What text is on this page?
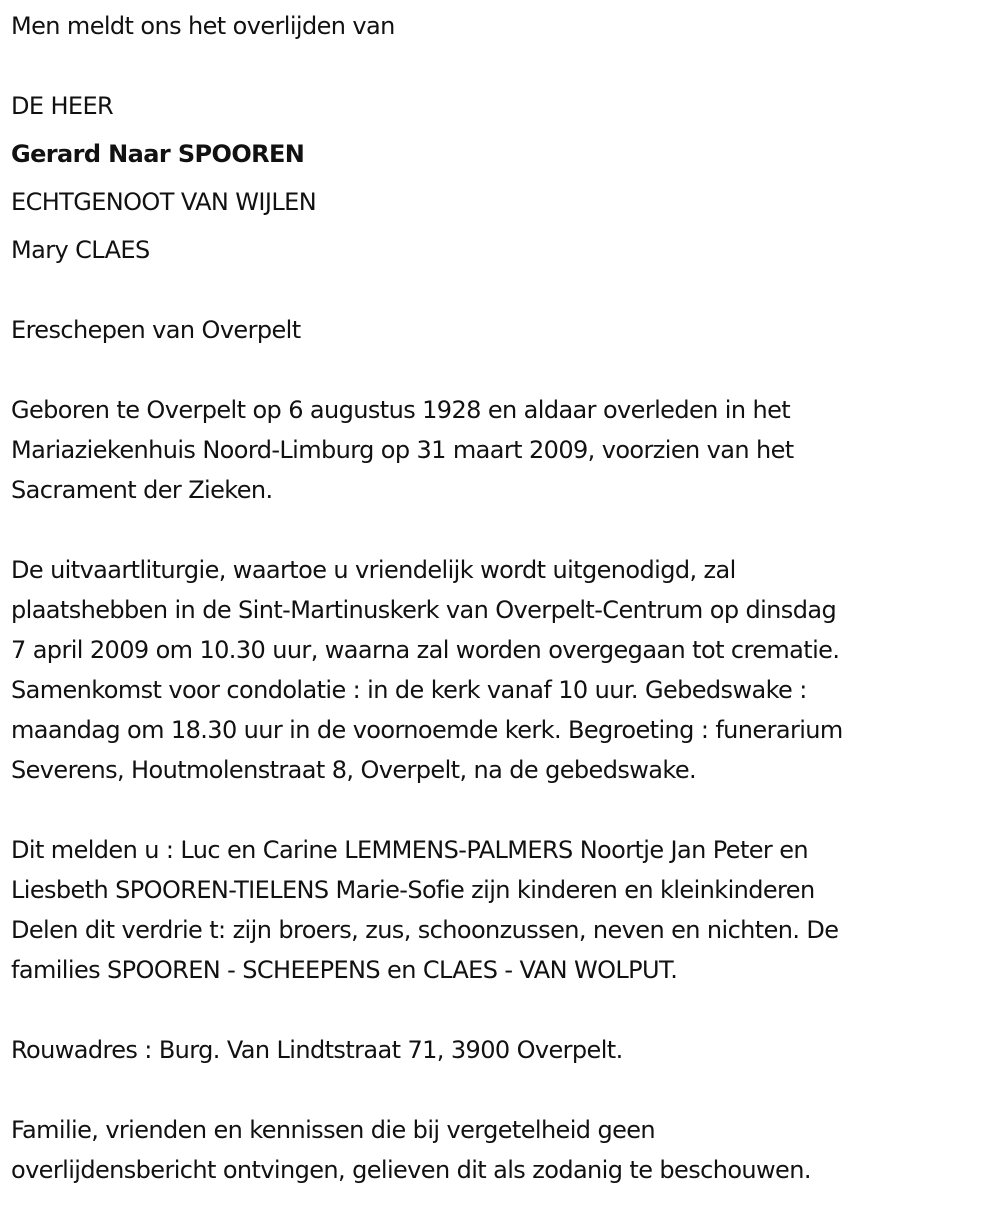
Men meldt ons het overlijden van
DE HEER
Gerard Naar SPOOREN
ECHTGENOOT VAN WIJLEN
Mary CLAES
Ereschepen van Overpelt
Geboren te Overpelt op 6 augustus 1928 en aldaar overleden in het
Mariaziekenhuis Noord-Limburg op 31 maart 2009, voorzien van het
Sacrament der Zieken.
De uitvaartliturgie, waartoe u vriendelijk wordt uitgenodigd, zal
plaatshebben in de Sint-Martinuskerk van Overpelt-Centrum op dinsdag
7 april 2009 om 10.30 uur, waarna zal worden overgegaan tot crematie.
Samenkomst voor condolatie : in de kerk vanaf 10 uur. Gebedswake :
maandag om 18.30 uur in de voornoemde kerk. Begroeting : funerarium
Severens, Houtmolenstraat 8, Overpelt, na de gebedswake.
Dit melden u : Luc en Carine LEMMENS-PALMERS Noortje Jan Peter en
Liesbeth SPOOREN-TIELENS Marie-Sofie zijn kinderen en kleinkinderen
Delen dit verdrie t: zijn broers, zus, schoonzussen, neven en nichten. De
families SPOOREN - SCHEEPENS en CLAES - VAN WOLPUT.
Rouwadres : Burg. Van Lindtstraat 71, 3900 Overpelt.
Familie, vrienden en kennissen die bij vergetelheid geen
overlijdensbericht ontvingen, gelieven dit als zodanig te beschouwen.
